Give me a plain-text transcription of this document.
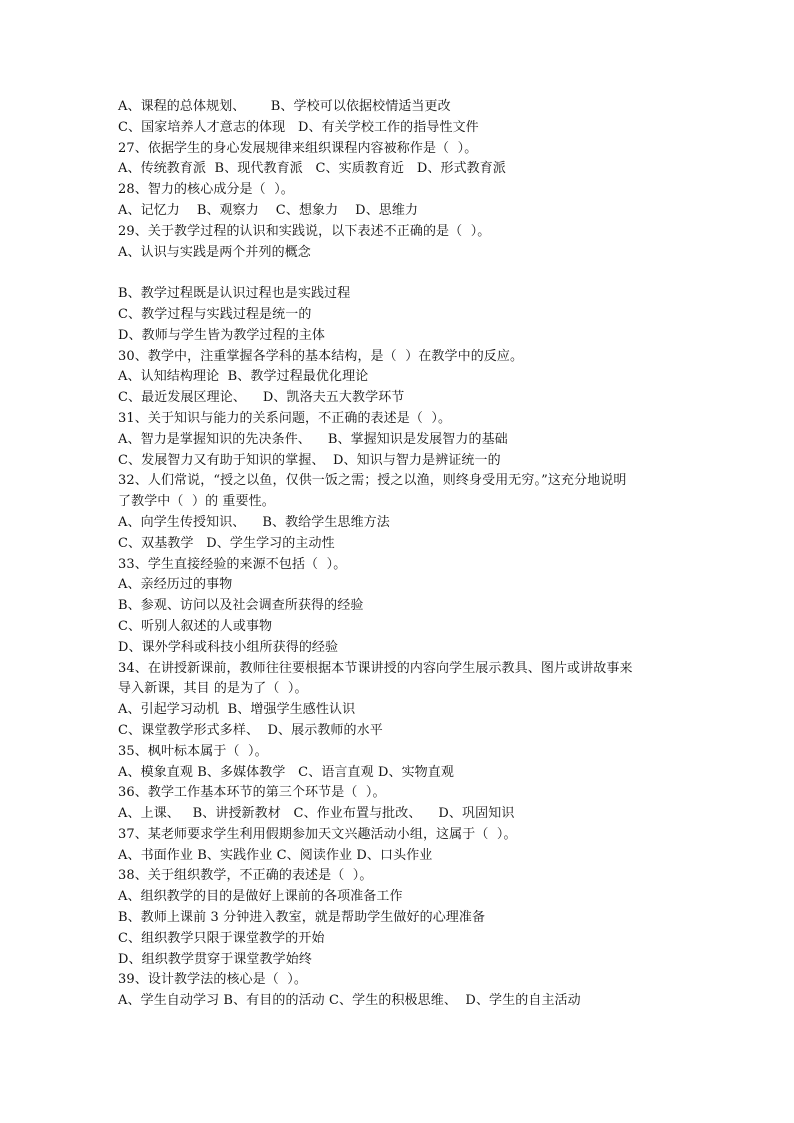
A、课程的总体规划、      B、学校可以依据校情适当更改
C、国家培养人才意志的体现   D、有关学校工作的指导性文件
27、依据学生的身心发展规律来组织课程内容被称作是（  ）。
A、传统教育派  B、现代教育派   C、实质教育近   D、形式教育派
28、智力的核心成分是（  ）。
A、记忆力    B、观察力    C、想象力    D、思维力
29、关于教学过程的认识和实践说，以下表述不正确的是（  ）。
A、认识与实践是两个并列的概念
B、教学过程既是认识过程也是实践过程
C、教学过程与实践过程是统一的
D、教师与学生皆为教学过程的主体
30、教学中，注重掌握各学科的基本结构，是（  ）在教学中的反应。
A、认知结构理论  B、教学过程最优化理论
C、最近发展区理论、    D、凯洛夫五大教学环节
31、关于知识与能力的关系问题，不正确的表述是（  ）。
A、智力是掌握知识的先决条件、    B、掌握知识是发展智力的基础
C、发展智力又有助于知识的掌握、  D、知识与智力是辨证统一的
32、人们常说，“授之以鱼，仅供一饭之需；授之以渔，则终身受用无穷。”这充分地说明
了教学中（  ）的 重要性。
A、向学生传授知识、    B、教给学生思维方法
C、双基教学   D、学生学习的主动性
33、学生直接经验的来源不包括（  ）。
A、亲经历过的事物
B、参观、访问以及社会调查所获得的经验
C、听别人叙述的人或事物
D、课外学科或科技小组所获得的经验
34、在讲授新课前，教师往往要根据本节课讲授的内容向学生展示教具、图片或讲故事来
导入新课，其目 的是为了（  ）。
A、引起学习动机  B、增强学生感性认识
C、课堂教学形式多样、  D、展示教师的水平
35、枫叶标本属于（  ）。
A、模象直观 B、多媒体教学   C、语言直观 D、实物直观
36、教学工作基本环节的第三个环节是（  ）。
A、上课、   B、讲授新教材   C、作业布置与批改、    D、巩固知识
37、某老师要求学生利用假期参加天文兴趣活动小组，这属于（  ）。
A、书面作业 B、实践作业 C、阅读作业 D、口头作业
38、关于组织教学，不正确的表述是（  ）。
A、组织教学的目的是做好上课前的各项准备工作
B、教师上课前 3 分钟进入教室，就是帮助学生做好的心理准备
C、组织教学只限于课堂教学的开始
D、组织教学贯穿于课堂教学始终
39、设计教学法的核心是（  ）。
A、学生自动学习 B、有目的的活动 C、学生的积极思维、  D、学生的自主活动
